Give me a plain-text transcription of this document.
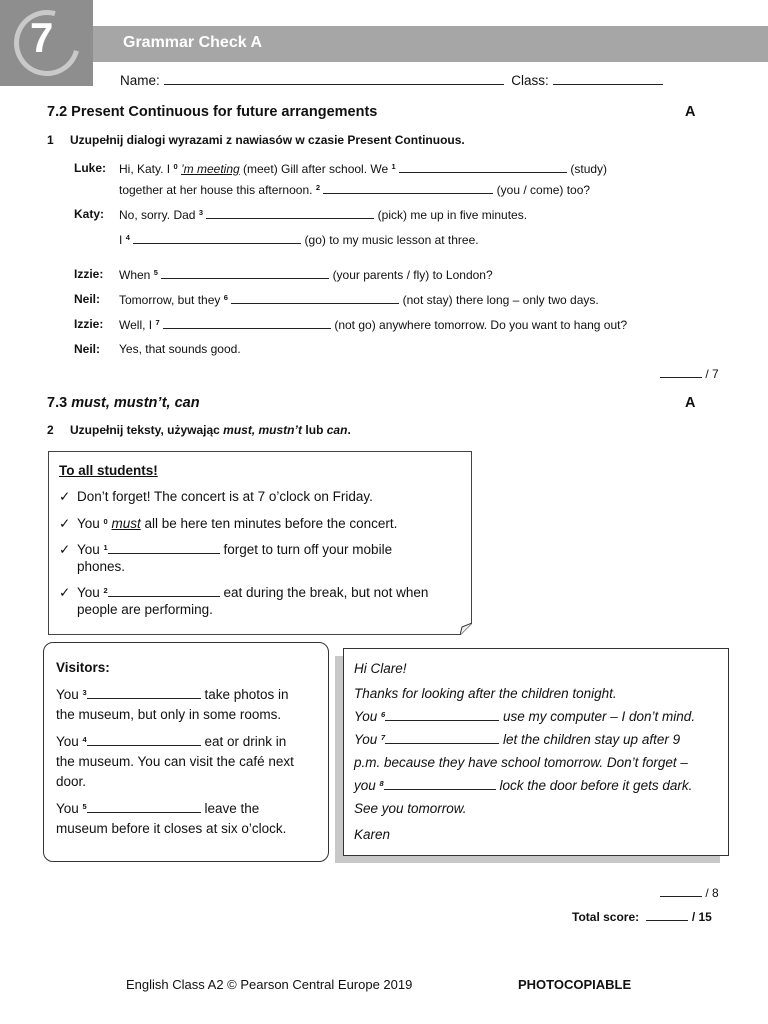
7	Grammar Check A
Name:	Class:
7.2 Present Continuous for future arrangements	A
1 Uzupełnij dialogi wyrazami z nawiasów w czasie Present Continuous.
Luke: Hi, Katy. I $^0$ ’m meeting (meet) Gill after school. We $^1$	(study)
together at her house this afternoon. $^2$	(you / come) too?
Katy: No, sorry. Dad $^3$	(pick) me up in five minutes.
I $^4$	(go) to my music lesson at three.
Izzie: When $^5$	(your parents / fly) to London?
Neil: Tomorrow, but they $^6$	(not stay) there long – only two days.
Izzie: Well, I $^7$	(not go) anywhere tomorrow. Do you want to hang out?
Neil: Yes, that sounds good.
/ 7
7.3 must, mustn’t, can	A
2 Uzupełnij teksty, używając must, mustn’t lub can.
To all students!
✓ Don’t forget! The concert is at 7 o’clock on Friday.
✓ You $^0$ must all be here ten minutes before the concert.
✓ You $^1$	forget to turn off your mobile
phones.
✓ You $^2$	eat during the break, but not when
people are performing.
Visitors:
You $^3$	take photos in
the museum, but only in some rooms.
You $^4$	eat or drink in
the museum. You can visit the café next
door.
You $^5$	leave the
museum before it closes at six o’clock.
Hi Clare!
Thanks for looking after the children tonight.
You $^6$	use my computer – I don’t mind.
You $^7$	let the children stay up after 9
p.m. because they have school tomorrow. Don’t forget –
you $^8$	lock the door before it gets dark.
See you tomorrow.
Karen
/ 8
Total score:	/ 15
English Class A2 © Pearson Central Europe 2019	PHOTOCOPIABLE
